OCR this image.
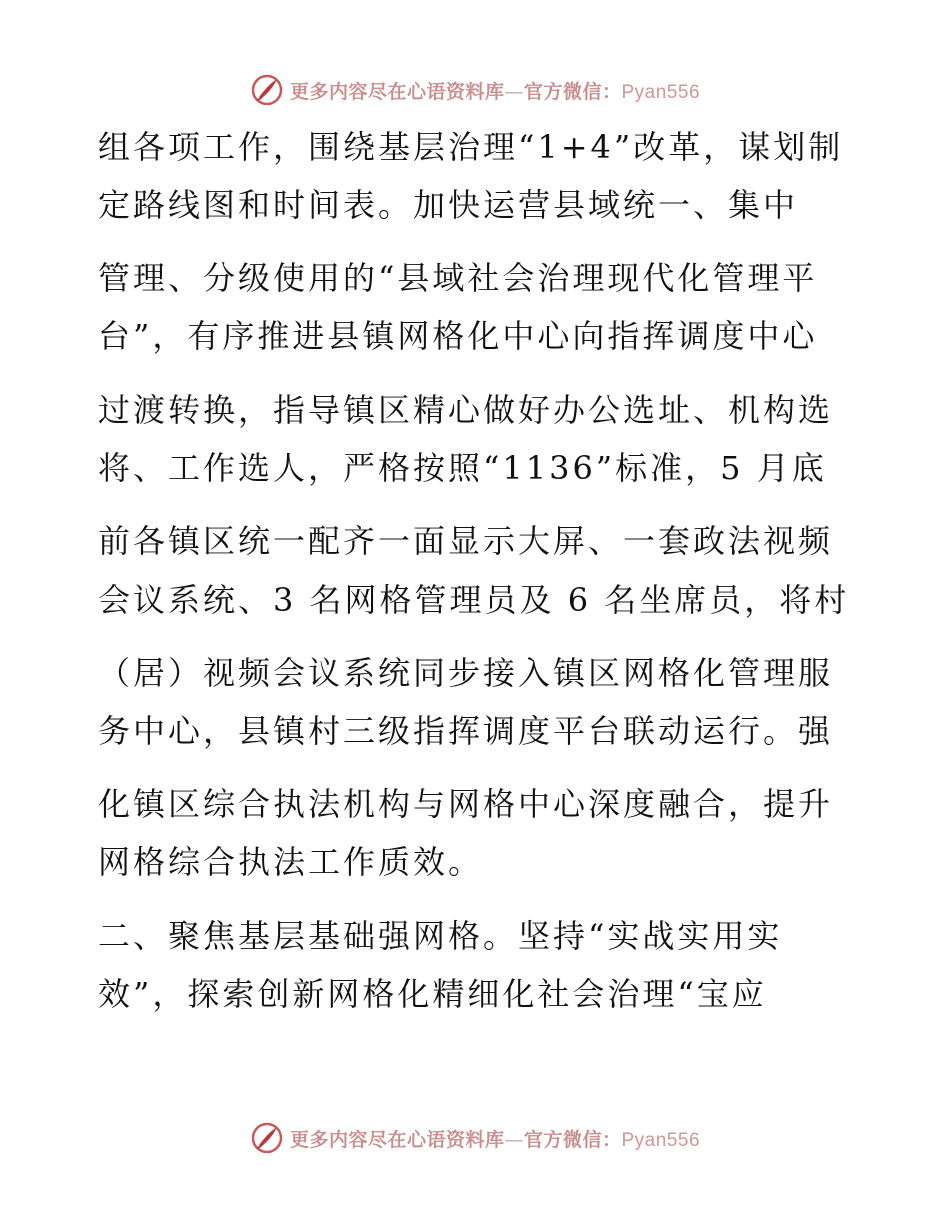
更多内容尽在心语资料库—官方微信：Pyan556
组各项工作，围绕基层治理“1+4”改革，谋划制
定路线图和时间表。加快运营县域统一、集中
管理、分级使用的“县域社会治理现代化管理平
台”，有序推进县镇网格化中心向指挥调度中心
过渡转换，指导镇区精心做好办公选址、机构选
将、工作选人，严格按照“1136”标准，5 月底
前各镇区统一配齐一面显示大屏、一套政法视频
会议系统、3 名网格管理员及 6 名坐席员，将村
（居）视频会议系统同步接入镇区网格化管理服
务中心，县镇村三级指挥调度平台联动运行。强
化镇区综合执法机构与网格中心深度融合，提升
网格综合执法工作质效。
二、聚焦基层基础强网格。坚持“实战实用实
效”，探索创新网格化精细化社会治理“宝应
更多内容尽在心语资料库—官方微信：Pyan556
